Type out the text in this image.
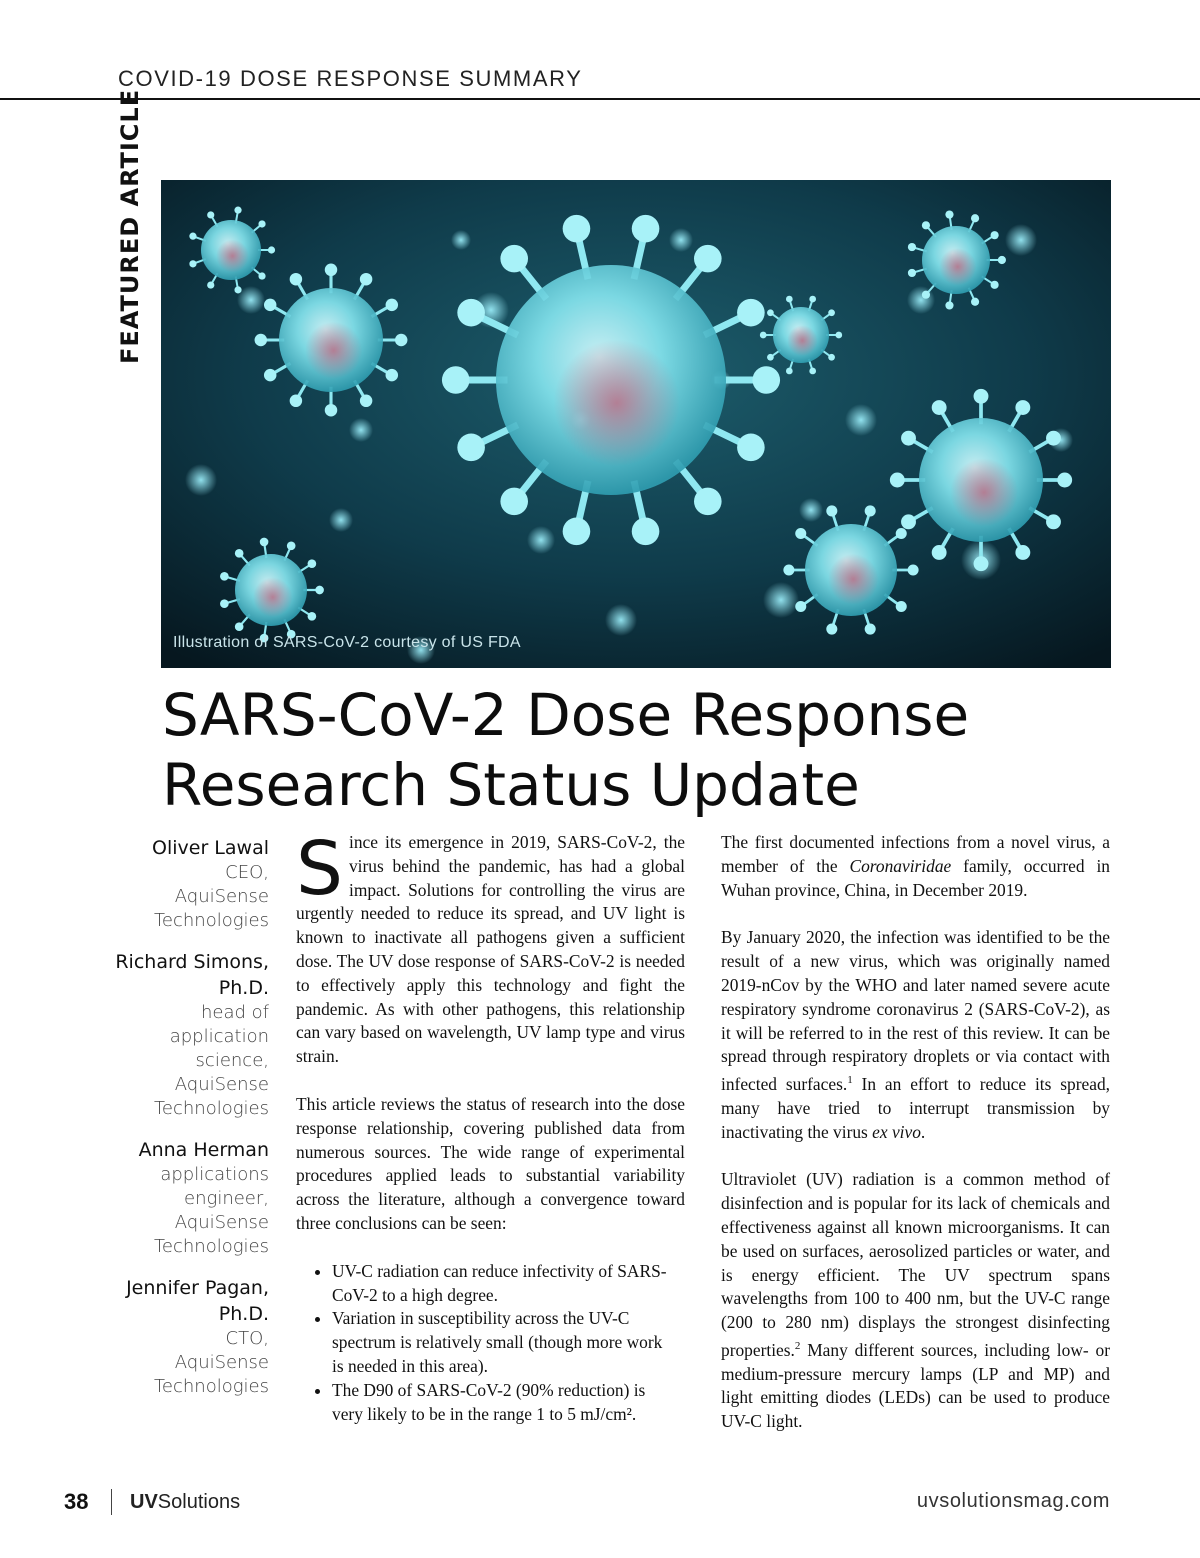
COVID-19 DOSE RESPONSE SUMMARY
FEATURED ARTICLE
Illustration of SARS-CoV-2 courtesy of US FDA
SARS-CoV-2 Dose Response
Research Status Update
Oliver Lawal
CEO,
AquiSense
Technologies
Richard Simons, Ph.D.
head of
application
science,
AquiSense
Technologies
Anna Herman
applications
engineer,
AquiSense
Technologies
Jennifer Pagan, Ph.D.
CTO,
AquiSense
Technologies

Since its emergence in 2019, SARS-CoV-2, the virus behind the pandemic, has had a global impact. Solutions for controlling the virus are urgently needed to reduce its spread, and UV light is known to inactivate all pathogens given a sufficient dose. The UV dose response of SARS-CoV-2 is needed to effectively apply this technology and fight the pandemic. As with other pathogens, this relationship can vary based on wavelength, UV lamp type and virus strain.

This article reviews the status of research into the dose response relationship, covering published data from numerous sources. The wide range of experimental procedures applied leads to substantial variability across the literature, although a convergence toward three conclusions can be seen:

• UV-C radiation can reduce infectivity of SARS-CoV-2 to a high degree.
• Variation in susceptibility across the UV-C spectrum is relatively small (though more work is needed in this area).
• The D90 of SARS-CoV-2 (90% reduction) is very likely to be in the range 1 to 5 mJ/cm².

The first documented infections from a novel virus, a member of the Coronaviridae family, occurred in Wuhan province, China, in December 2019.

By January 2020, the infection was identified to be the result of a new virus, which was originally named 2019-nCov by the WHO and later named severe acute respiratory syndrome coronavirus 2 (SARS-CoV-2), as it will be referred to in the rest of this review. It can be spread through respiratory droplets or via contact with infected surfaces.$^1$ In an effort to reduce its spread, many have tried to interrupt transmission by inactivating the virus ex vivo.

Ultraviolet (UV) radiation is a common method of disinfection and is popular for its lack of chemicals and effectiveness against all known microorganisms. It can be used on surfaces, aerosolized particles or water, and is energy efficient. The UV spectrum spans wavelengths from 100 to 400 nm, but the UV-C range (200 to 280 nm) displays the strongest disinfecting properties.$^2$ Many different sources, including low- or medium-pressure mercury lamps (LP and MP) and light emitting diodes (LEDs) can be used to produce UV-C light.

38 UVSolutions	uvsolutionsmag.com
